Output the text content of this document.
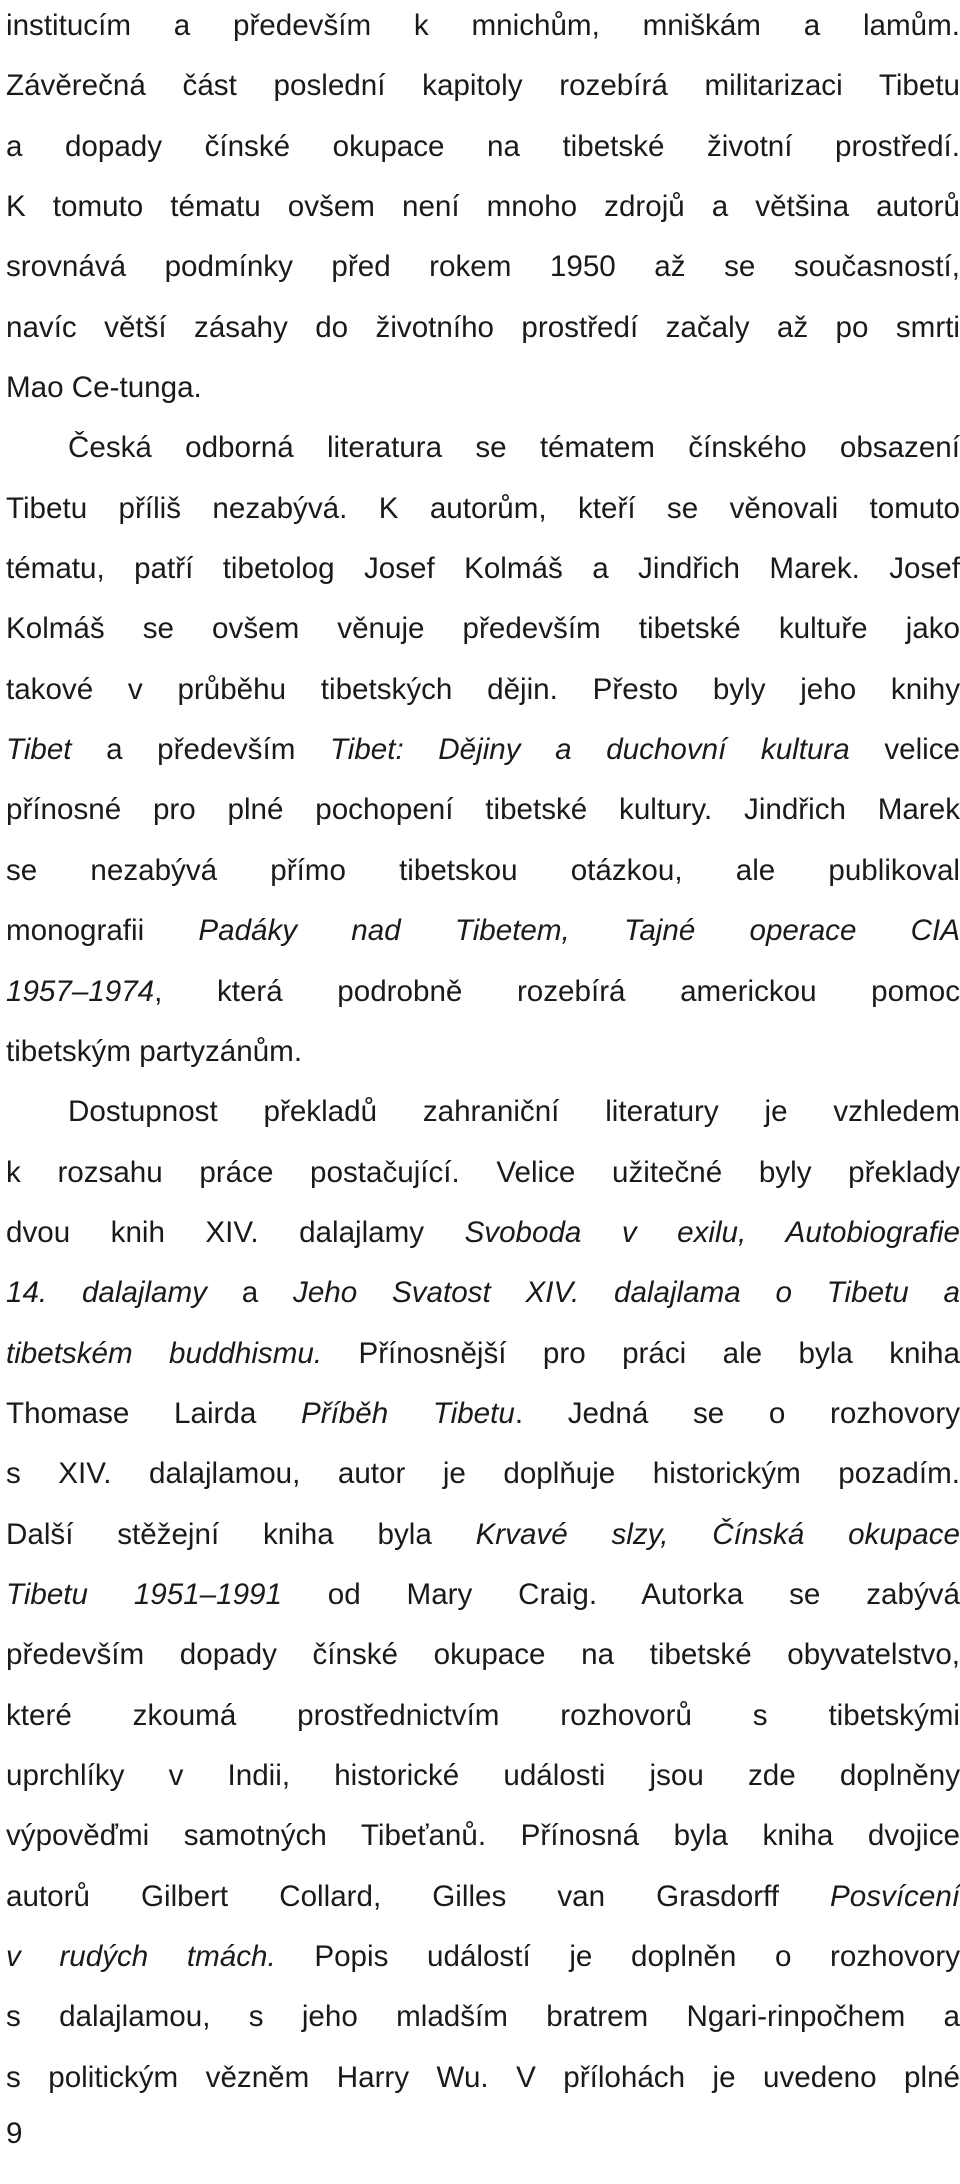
institucím a především k mnichům, mniškám a lamům.
Závěrečná část poslední kapitoly rozebírá militarizaci Tibetu
a dopady čínské okupace na tibetské životní prostředí.
K tomuto tématu ovšem není mnoho zdrojů a většina autorů
srovnává podmínky před rokem 1950 až se současností,
navíc větší zásahy do životního prostředí začaly až po smrti
Mao Ce-tunga.
Česká odborná literatura se tématem čínského obsazení
Tibetu příliš nezabývá. K autorům, kteří se věnovali tomuto
tématu, patří tibetolog Josef Kolmáš a Jindřich Marek. Josef
Kolmáš se ovšem věnuje především tibetské kultuře jako
takové v průběhu tibetských dějin. Přesto byly jeho knihy
Tibet a především Tibet: Dějiny a duchovní kultura velice
přínosné pro plné pochopení tibetské kultury. Jindřich Marek
se nezabývá přímo tibetskou otázkou, ale publikoval
monografii Padáky nad Tibetem, Tajné operace CIA
1957–1974, která podrobně rozebírá americkou pomoc
tibetským partyzánům.
Dostupnost překladů zahraniční literatury je vzhledem
k rozsahu práce postačující. Velice užitečné byly překlady
dvou knih XIV. dalajlamy Svoboda v exilu, Autobiografie
14. dalajlamy a Jeho Svatost XIV. dalajlama o Tibetu a
tibetském buddhismu. Přínosnější pro práci ale byla kniha
Thomase Lairda Příběh Tibetu. Jedná se o rozhovory
s XIV. dalajlamou, autor je doplňuje historickým pozadím.
Další stěžejní kniha byla Krvavé slzy, Čínská okupace
Tibetu 1951–1991 od Mary Craig. Autorka se zabývá
především dopady čínské okupace na tibetské obyvatelstvo,
které zkoumá prostřednictvím rozhovorů s tibetskými
uprchlíky v Indii, historické události jsou zde doplněny
výpověďmi samotných Tibeťanů. Přínosná byla kniha dvojice
autorů Gilbert Collard, Gilles van Grasdorff Posvícení
v rudých tmách. Popis událostí je doplněn o rozhovory
s dalajlamou, s jeho mladším bratrem Ngari-rinpočhem a
s politickým vězněm Harry Wu. V přílohách je uvedeno plné
9
